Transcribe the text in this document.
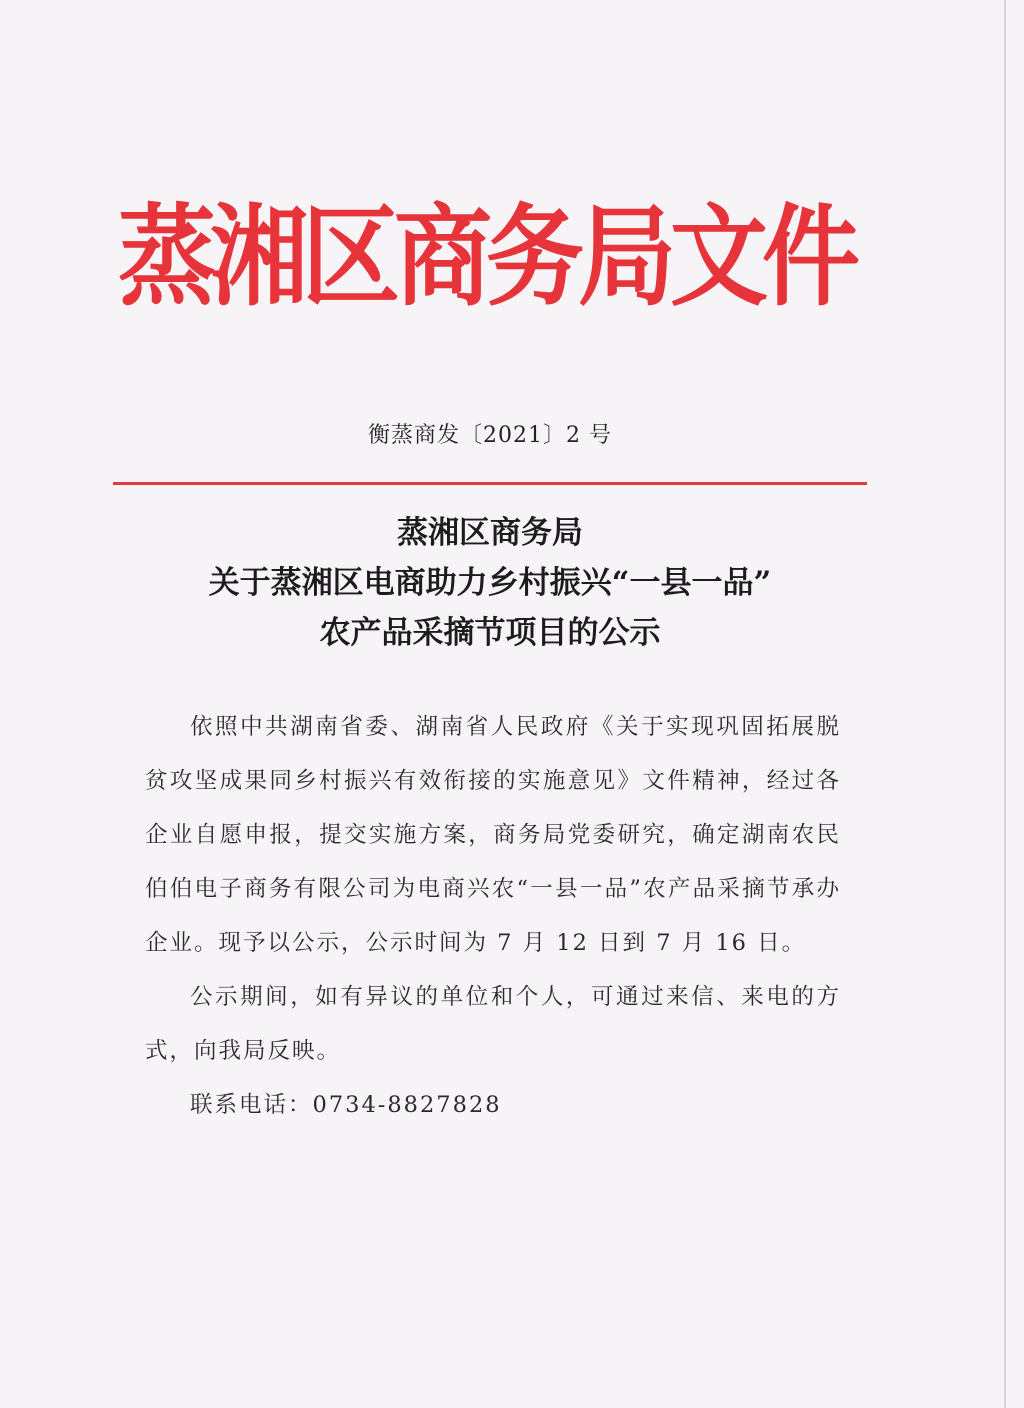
蒸湘区商务局文件
衡蒸商发〔2021〕2 号
蒸湘区商务局
关于蒸湘区电商助力乡村振兴“一县一品”
农产品采摘节项目的公示

依照中共湖南省委、湖南省人民政府《关于实现巩固拓展脱贫攻坚成果同乡村振兴有效衔接的实施意见》文件精神，经过各企业自愿申报，提交实施方案，商务局党委研究，确定湖南农民伯伯电子商务有限公司为电商兴农“一县一品”农产品采摘节承办企业。现予以公示，公示时间为 7 月 12 日到 7 月 16 日。

公示期间，如有异议的单位和个人，可通过来信、来电的方式，向我局反映。

联系电话：0734-8827828
